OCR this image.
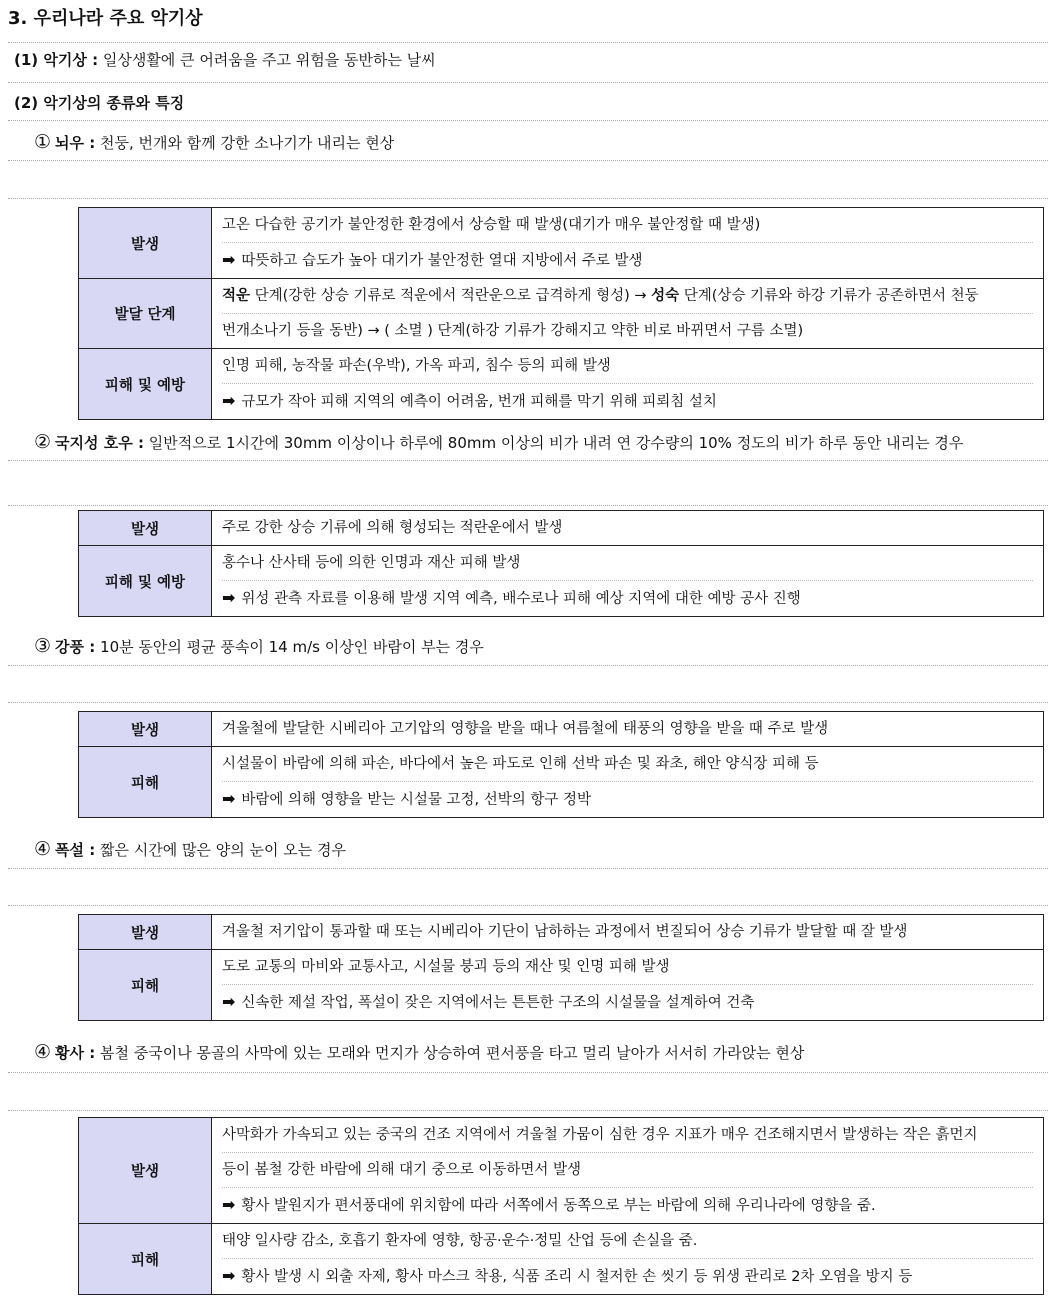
3. 우리나라 주요 악기상
(1) 악기상 : 일상생활에 큰 어려움을 주고 위험을 동반하는 날씨
(2) 악기상의 종류와 특징
① 뇌우 : 천둥, 번개와 함께 강한 소나기가 내리는 현상
② 국지성 호우 : 일반적으로 1시간에 30mm 이상이나 하루에 80mm 이상의 비가 내려 연 강수량의 10% 정도의 비가 하루 동안 내리는 경우
③ 강풍 : 10분 동안의 평균 풍속이 14 m/s 이상인 바람이 부는 경우
④ 폭설 : 짧은 시간에 많은 양의 눈이 오는 경우
④ 황사 : 봄철 중국이나 몽골의 사막에 있는 모래와 먼지가 상승하여 편서풍을 타고 멀리 날아가 서서히 가라앉는 현상
발생	고온 다습한 공기가 불안정한 환경에서 상승할 때 발생(대기가 매우 불안정할 때 발생)
➡ 따뜻하고 습도가 높아 대기가 불안정한 열대 지방에서 주로 발생

발달 단계	적운 단계(강한 상승 기류로 적운에서 적란운으로 급격하게 형성) → 성숙 단계(상승 기류와 하강 기류가 공존하면서 천둥
번개소나기 등을 동반) → ( 소멸 ) 단계(하강 기류가 강해지고 약한 비로 바뀌면서 구름 소멸)

피해 및 예방	인명 피해, 농작물 파손(우박), 가옥 파괴, 침수 등의 피해 발생
➡ 규모가 작아 피해 지역의 예측이 어려움, 번개 피해를 막기 위해 피뢰침 설치
발생	주로 강한 상승 기류에 의해 형성되는 적란운에서 발생

피해 및 예방	홍수나 산사태 등에 의한 인명과 재산 피해 발생
➡ 위성 관측 자료를 이용해 발생 지역 예측, 배수로나 피해 예상 지역에 대한 예방 공사 진행
발생	겨울철에 발달한 시베리아 고기압의 영향을 받을 때나 여름철에 태풍의 영향을 받을 때 주로 발생

피해	시설물이 바람에 의해 파손, 바다에서 높은 파도로 인해 선박 파손 및 좌초, 해안 양식장 피해 등
➡ 바람에 의해 영향을 받는 시설물 고정, 선박의 항구 정박
발생	겨울철 저기압이 통과할 때 또는 시베리아 기단이 남하하는 과정에서 변질되어 상승 기류가 발달할 때 잘 발생

피해	도로 교통의 마비와 교통사고, 시설물 붕괴 등의 재산 및 인명 피해 발생
➡ 신속한 제설 작업, 폭설이 잦은 지역에서는 튼튼한 구조의 시설물을 설계하여 건축
발생	사막화가 가속되고 있는 중국의 건조 지역에서 겨울철 가뭄이 심한 경우 지표가 매우 건조해지면서 발생하는 작은 흙먼지
등이 봄철 강한 바람에 의해 대기 중으로 이동하면서 발생
➡ 황사 발원지가 편서풍대에 위치함에 따라 서쪽에서 동쪽으로 부는 바람에 의해 우리나라에 영향을 줌.

피해	태양 일사량 감소, 호흡기 환자에 영향, 항공·운수·정밀 산업 등에 손실을 줌.
➡ 황사 발생 시 외출 자제, 황사 마스크 착용, 식품 조리 시 철저한 손 씻기 등 위생 관리로 2차 오염을 방지 등
